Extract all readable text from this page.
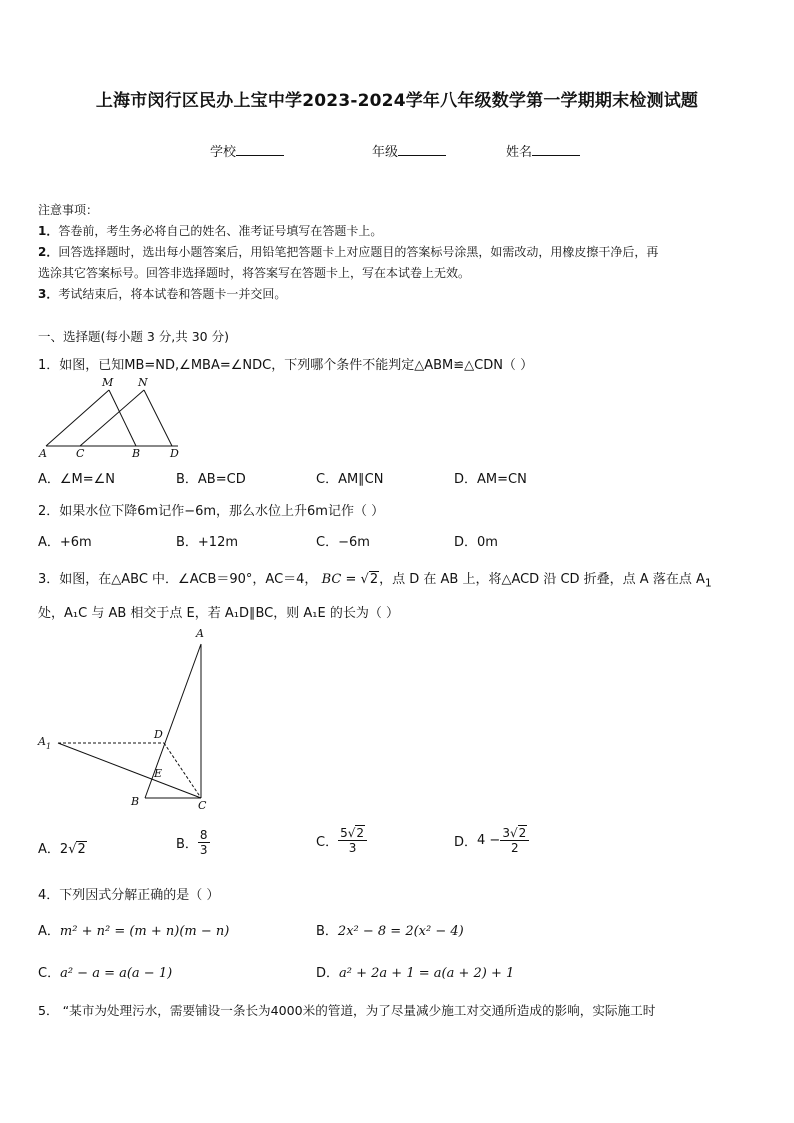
上海市闵行区民办上宝中学2023-2024学年八年级数学第一学期期末检测试题
学校	年级	姓名
注意事项：
1．答卷前，考生务必将自己的姓名、准考证号填写在答题卡上。
2．回答选择题时，选出每小题答案后，用铅笔把答题卡上对应题目的答案标号涂黑，如需改动，用橡皮擦干净后，再
选涂其它答案标号。回答非选择题时，将答案写在答题卡上，写在本试卷上无效。
3．考试结束后，将本试卷和答题卡一并交回。
一、选择题(每小题 3 分,共 30 分)
1．如图，已知MB=ND,∠MBA=∠NDC，下列哪个条件不能判定△ABM≌△CDN（ ）
M N
A	C	B	D
A．∠M=∠N	B．AB=CD	C．AM∥CN	D．AM=CN
2．如果水位下降6m记作−6m，那么水位上升6m记作（ ）
A．+6m	B．+12m	C．−6m	D．0m
3．如图，在△ABC 中．∠ACB＝90°，AC＝4， BC = √2，点 D 在 AB 上，将△ACD 沿 CD 折叠，点 A 落在点 $A_1$
处，A₁C 与 AB 相交于点 E，若 A₁D∥BC，则 A₁E 的长为（ ）
A
A 1
D
E
B	C
A．2√2	B． $\frac{8}{3}$	C． $\frac{5√2}{3}$	D．$4 - \frac{3√2}{2}$
4．下列因式分解正确的是（ ）
A．m² + n² = (m + n)(m − n)	B．2x² − 8 = 2(x² − 4)
C．a² − a = a(a − 1)	D．a² + 2a + 1 = a(a + 2) + 1
5． “某市为处理污水，需要铺设一条长为4000米的管道，为了尽量减少施工对交通所造成的影响，实际施工时
